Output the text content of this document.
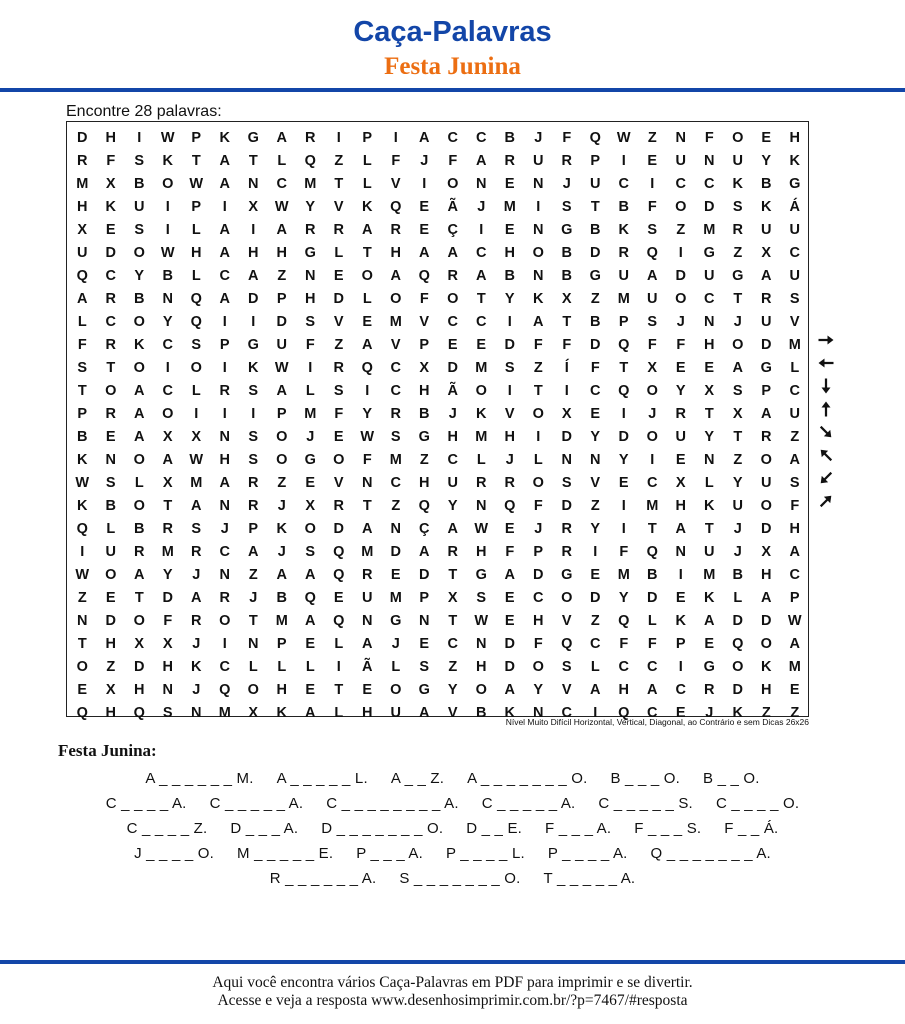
Caça-Palavras
Festa Junina
Encontre 28 palavras:
D	H	I	W	P	K	G	A	R	I	P	I	A	C	C	B	J	F	Q	W	Z	N	F	O	E	H
R	F	S	K	T	A	T	L	Q	Z	L	F	J	F	A	R	U	R	P	I	E	U	N	U	Y	K
M	X	B	O	W	A	N	C	M	T	L	V	I	O	N	E	N	J	U	C	I	C	C	K	B	G
H	K	U	I	P	I	X	W	Y	V	K	Q	E	Ã	J	M	I	S	T	B	F	O	D	S	K	Á
X	E	S	I	L	A	I	A	R	R	A	R	E	Ç	I	E	N	G	B	K	S	Z	M	R	U	U
U	D	O	W	H	A	H	H	G	L	T	H	A	A	C	H	O	B	D	R	Q	I	G	Z	X	C
Q	C	Y	B	L	C	A	Z	N	E	O	A	Q	R	A	B	N	B	G	U	A	D	U	G	A	U
A	R	B	N	Q	A	D	P	H	D	L	O	F	O	T	Y	K	X	Z	M	U	O	C	T	R	S
L	C	O	Y	Q	I	I	D	S	V	E	M	V	C	C	I	A	T	B	P	S	J	N	J	U	V
F	R	K	C	S	P	G	U	F	Z	A	V	P	E	E	D	F	F	D	Q	F	F	H	O	D	M
S	T	O	I	O	I	K	W	I	R	Q	C	X	D	M	S	Z	Í	F	T	X	E	E	A	G	L
T	O	A	C	L	R	S	A	L	S	I	C	H	Ã	O	I	T	I	C	Q	O	Y	X	S	P	C
P	R	A	O	I	I	I	P	M	F	Y	R	B	J	K	V	O	X	E	I	J	R	T	X	A	U
B	E	A	X	X	N	S	O	J	E	W	S	G	H	M	H	I	D	Y	D	O	U	Y	T	R	Z
K	N	O	A	W	H	S	O	G	O	F	M	Z	C	L	J	L	N	N	Y	I	E	N	Z	O	A
W	S	L	X	M	A	R	Z	E	V	N	C	H	U	R	R	O	S	V	E	C	X	L	Y	U	S
K	B	O	T	A	N	R	J	X	R	T	Z	Q	Y	N	Q	F	D	Z	I	M	H	K	U	O	F
Q	L	B	R	S	J	P	K	O	D	A	N	Ç	A	W	E	J	R	Y	I	T	A	T	J	D	H
I	U	R	M	R	C	A	J	S	Q	M	D	A	R	H	F	P	R	I	F	Q	N	U	J	X	A
W	O	A	Y	J	N	Z	A	A	Q	R	E	D	T	G	A	D	G	E	M	B	I	M	B	H	C
Z	E	T	D	A	R	J	B	Q	E	U	M	P	X	S	E	C	O	D	Y	D	E	K	L	A	P
N	D	O	F	R	O	T	M	A	Q	N	G	N	T	W	E	H	V	Z	Q	L	K	A	D	D	W
T	H	X	X	J	I	N	P	E	L	A	J	E	C	N	D	F	Q	C	F	F	P	E	Q	O	A
O	Z	D	H	K	C	L	L	L	I	Ã	L	S	Z	H	D	O	S	L	C	C	I	G	O	K	M
E	X	H	N	J	Q	O	H	E	T	E	O	G	Y	O	A	Y	V	A	H	A	C	R	D	H	E
Q	H	Q	S	N	M	X	K	A	L	H	U	A	V	B	K	N	C	I	Q	C	E	J	K	Z	Z
Nível Muito Difícil Horizontal, Vertical, Diagonal, ao Contrário e sem Dicas 26x26
Festa Junina:
A _ _ _ _ _ _ M. A _ _ _ _ _ L. A _ _ Z. A _ _ _ _ _ _ _ O. B _ _ _ O. B _ _ O.
C _ _ _ _ A. C _ _ _ _ _ A. C _ _ _ _ _ _ _ _ A. C _ _ _ _ _ A. C _ _ _ _ _ S. C _ _ _ _ O.
C _ _ _ _ Z. D _ _ _ A. D _ _ _ _ _ _ _ O. D _ _ E. F _ _ _ A. F _ _ _ S. F _ _ Á.
J _ _ _ _ O. M _ _ _ _ _ E. P _ _ _ A. P _ _ _ _ L. P _ _ _ _ A. Q _ _ _ _ _ _ _ A.
R _ _ _ _ _ _ A. S _ _ _ _ _ _ _ O. T _ _ _ _ _ A.
Aqui você encontra vários Caça-Palavras em PDF para imprimir e se divertir.
Acesse e veja a resposta www.desenhosimprimir.com.br/?p=7467/#resposta
